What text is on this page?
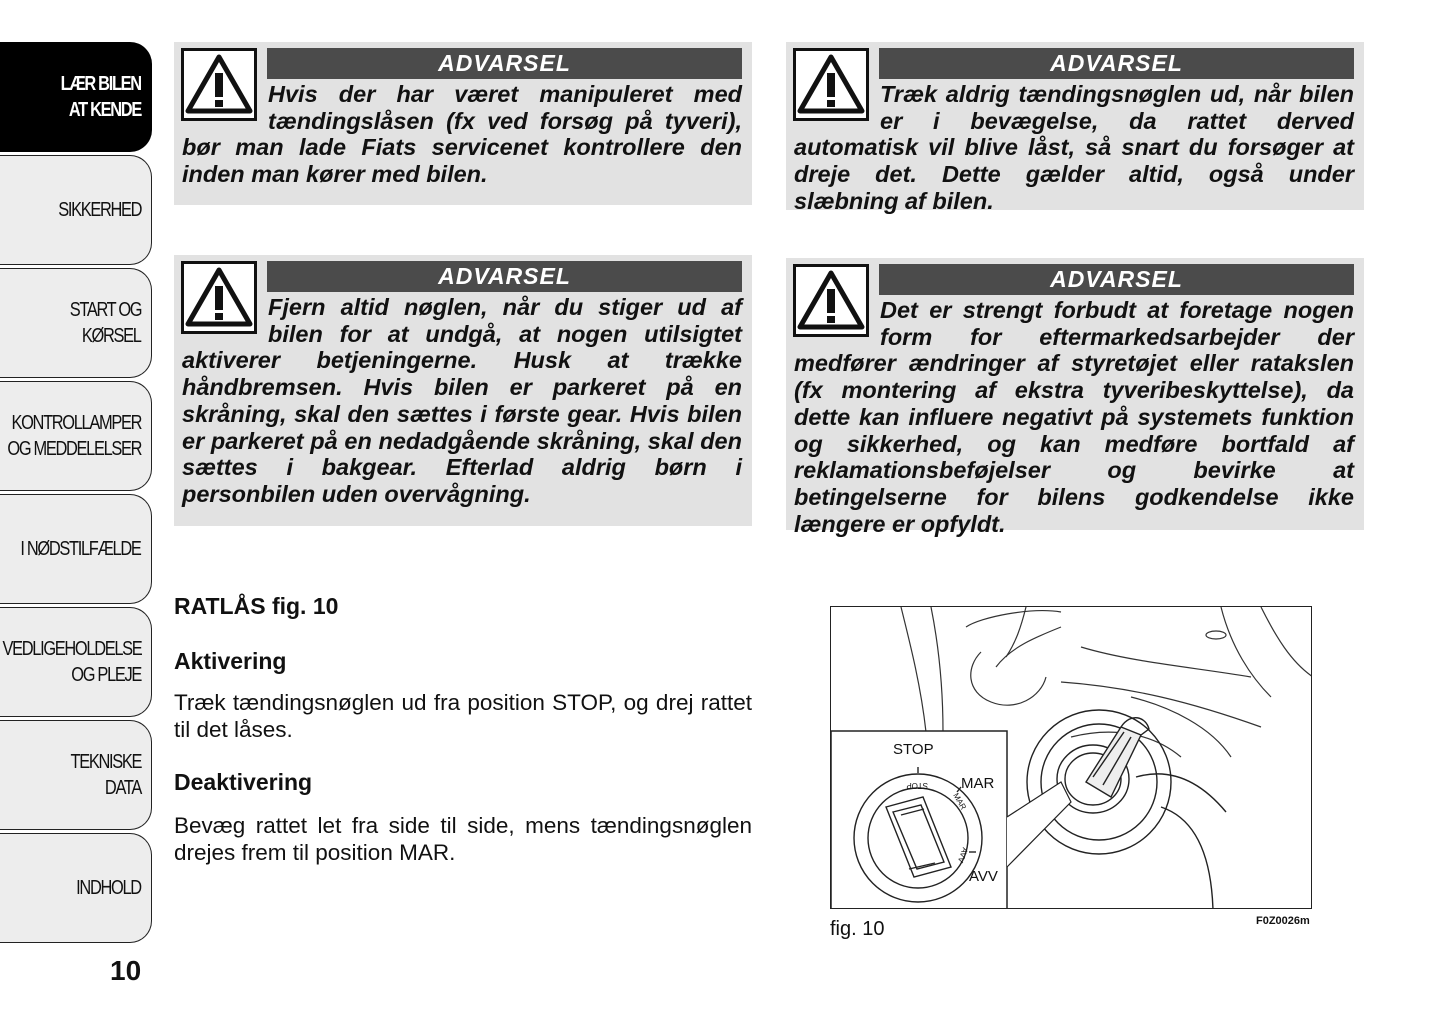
LÆR BILEN
AT KENDE
SIKKERHED
START OG
KØRSEL
KONTROLLAMPER
OG MEDDELELSER
I NØDSTILFÆLDE
VEDLIGEHOLDELSE
OG PLEJE
TEKNISKE
DATA
INDHOLD
10
ADVARSEL
Hvis der har været manipuleret med tændingslåsen (fx ved forsøg på tyveri), bør man lade Fiats servicenet kontrollere den inden man kører med bilen.
ADVARSEL
Fjern altid nøglen, når du stiger ud af bilen for at undgå, at nogen utilsigtet aktiverer betjeningerne. Husk at trække håndbremsen. Hvis bilen er parkeret på en skråning, skal den sættes i første gear. Hvis bilen er parkeret på en nedadgående skråning, skal den sættes i bakgear. Efterlad aldrig børn i personbilen uden overvågning.
ADVARSEL
Træk aldrig tændingsnøglen ud, når bilen er i bevægelse, da rattet derved automatisk vil blive låst, så snart du forsøger at dreje det. Dette gælder altid, også under slæbning af bilen.
ADVARSEL
Det er strengt forbudt at foretage nogen form for eftermarkedsarbejder der medfører ændringer af styretøjet eller ratakslen (fx montering af ekstra tyveribeskyttelse), da dette kan influere negativt på systemets funktion og sikkerhed, og kan medføre bortfald af reklamationsbeføjelser og bevirke at betingelserne for bilens godkendelse ikke længere er opfyldt.
RATLÅS fig. 10
Aktivering
Træk tændingsnøglen ud fra position STOP, og drej rattet til det låses.
Deaktivering
Bevæg rattet let fra side til side, mens tændingsnøglen drejes frem til position MAR.
STOP
MAR
AVV
STOP
MAR
AVV
fig. 10	F0Z0026m
